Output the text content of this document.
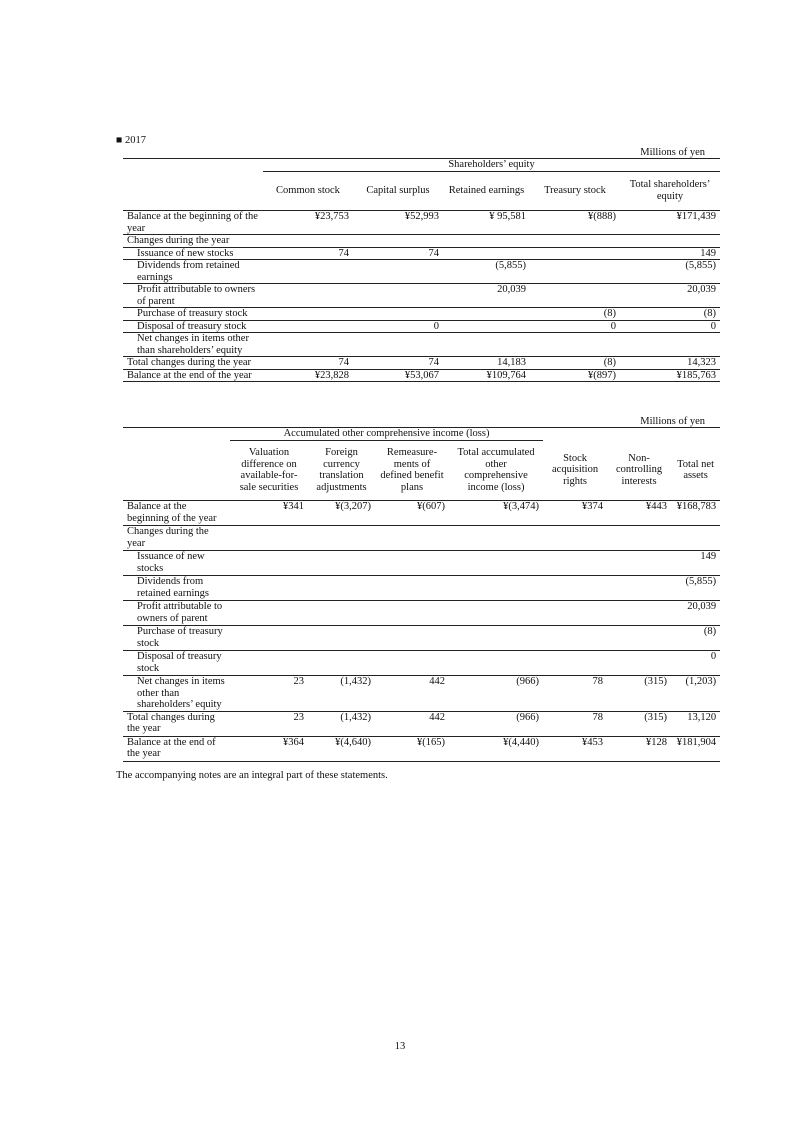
■ 2017
Millions of yen
	Shareholders’ equity				
	Common stock	Capital surplus	Retained earnings	Treasury stock	Total shareholders’ equity
Balance at the beginning of the year	¥23,753	¥52,993	¥ 95,581	¥(888)	¥171,439
Changes during the year					
Issuance of new stocks	74	74			149
Dividends from retained earnings			(5,855)		(5,855)
Profit attributable to owners of parent			20,039		20,039
Purchase of treasury stock				(8)	(8)
Disposal of treasury stock		0		0	0
Net changes in items other than shareholders’ equity					
Total changes during the year	74	74	14,183	(8)	14,323
Balance at the end of the year	¥23,828	¥53,067	¥109,764	¥(897)	¥185,763
Millions of yen
	Accumulated other comprehensive income (loss)						
	Valuation difference on available-for-sale securities	Foreign currency translation adjustments	Remeasure-ments of defined benefit plans	Total accumulated other comprehensive income (loss)	Stock acquisition rights	Non-controlling interests	Total net assets
Balance at the beginning of the year	¥341	¥(3,207)	¥(607)	¥(3,474)	¥374	¥443	¥168,783
Changes during the year							
Issuance of new stocks							149
Dividends from retained earnings							(5,855)
Profit attributable to owners of parent							20,039
Purchase of treasury stock							(8)
Disposal of treasury stock							0
Net changes in items other than shareholders’ equity	23	(1,432)	442	(966)	78	(315)	(1,203)
Total changes during the year	23	(1,432)	442	(966)	78	(315)	13,120
Balance at the end of the year	¥364	¥(4,640)	¥(165)	¥(4,440)	¥453	¥128	¥181,904
The accompanying notes are an integral part of these statements.
13
